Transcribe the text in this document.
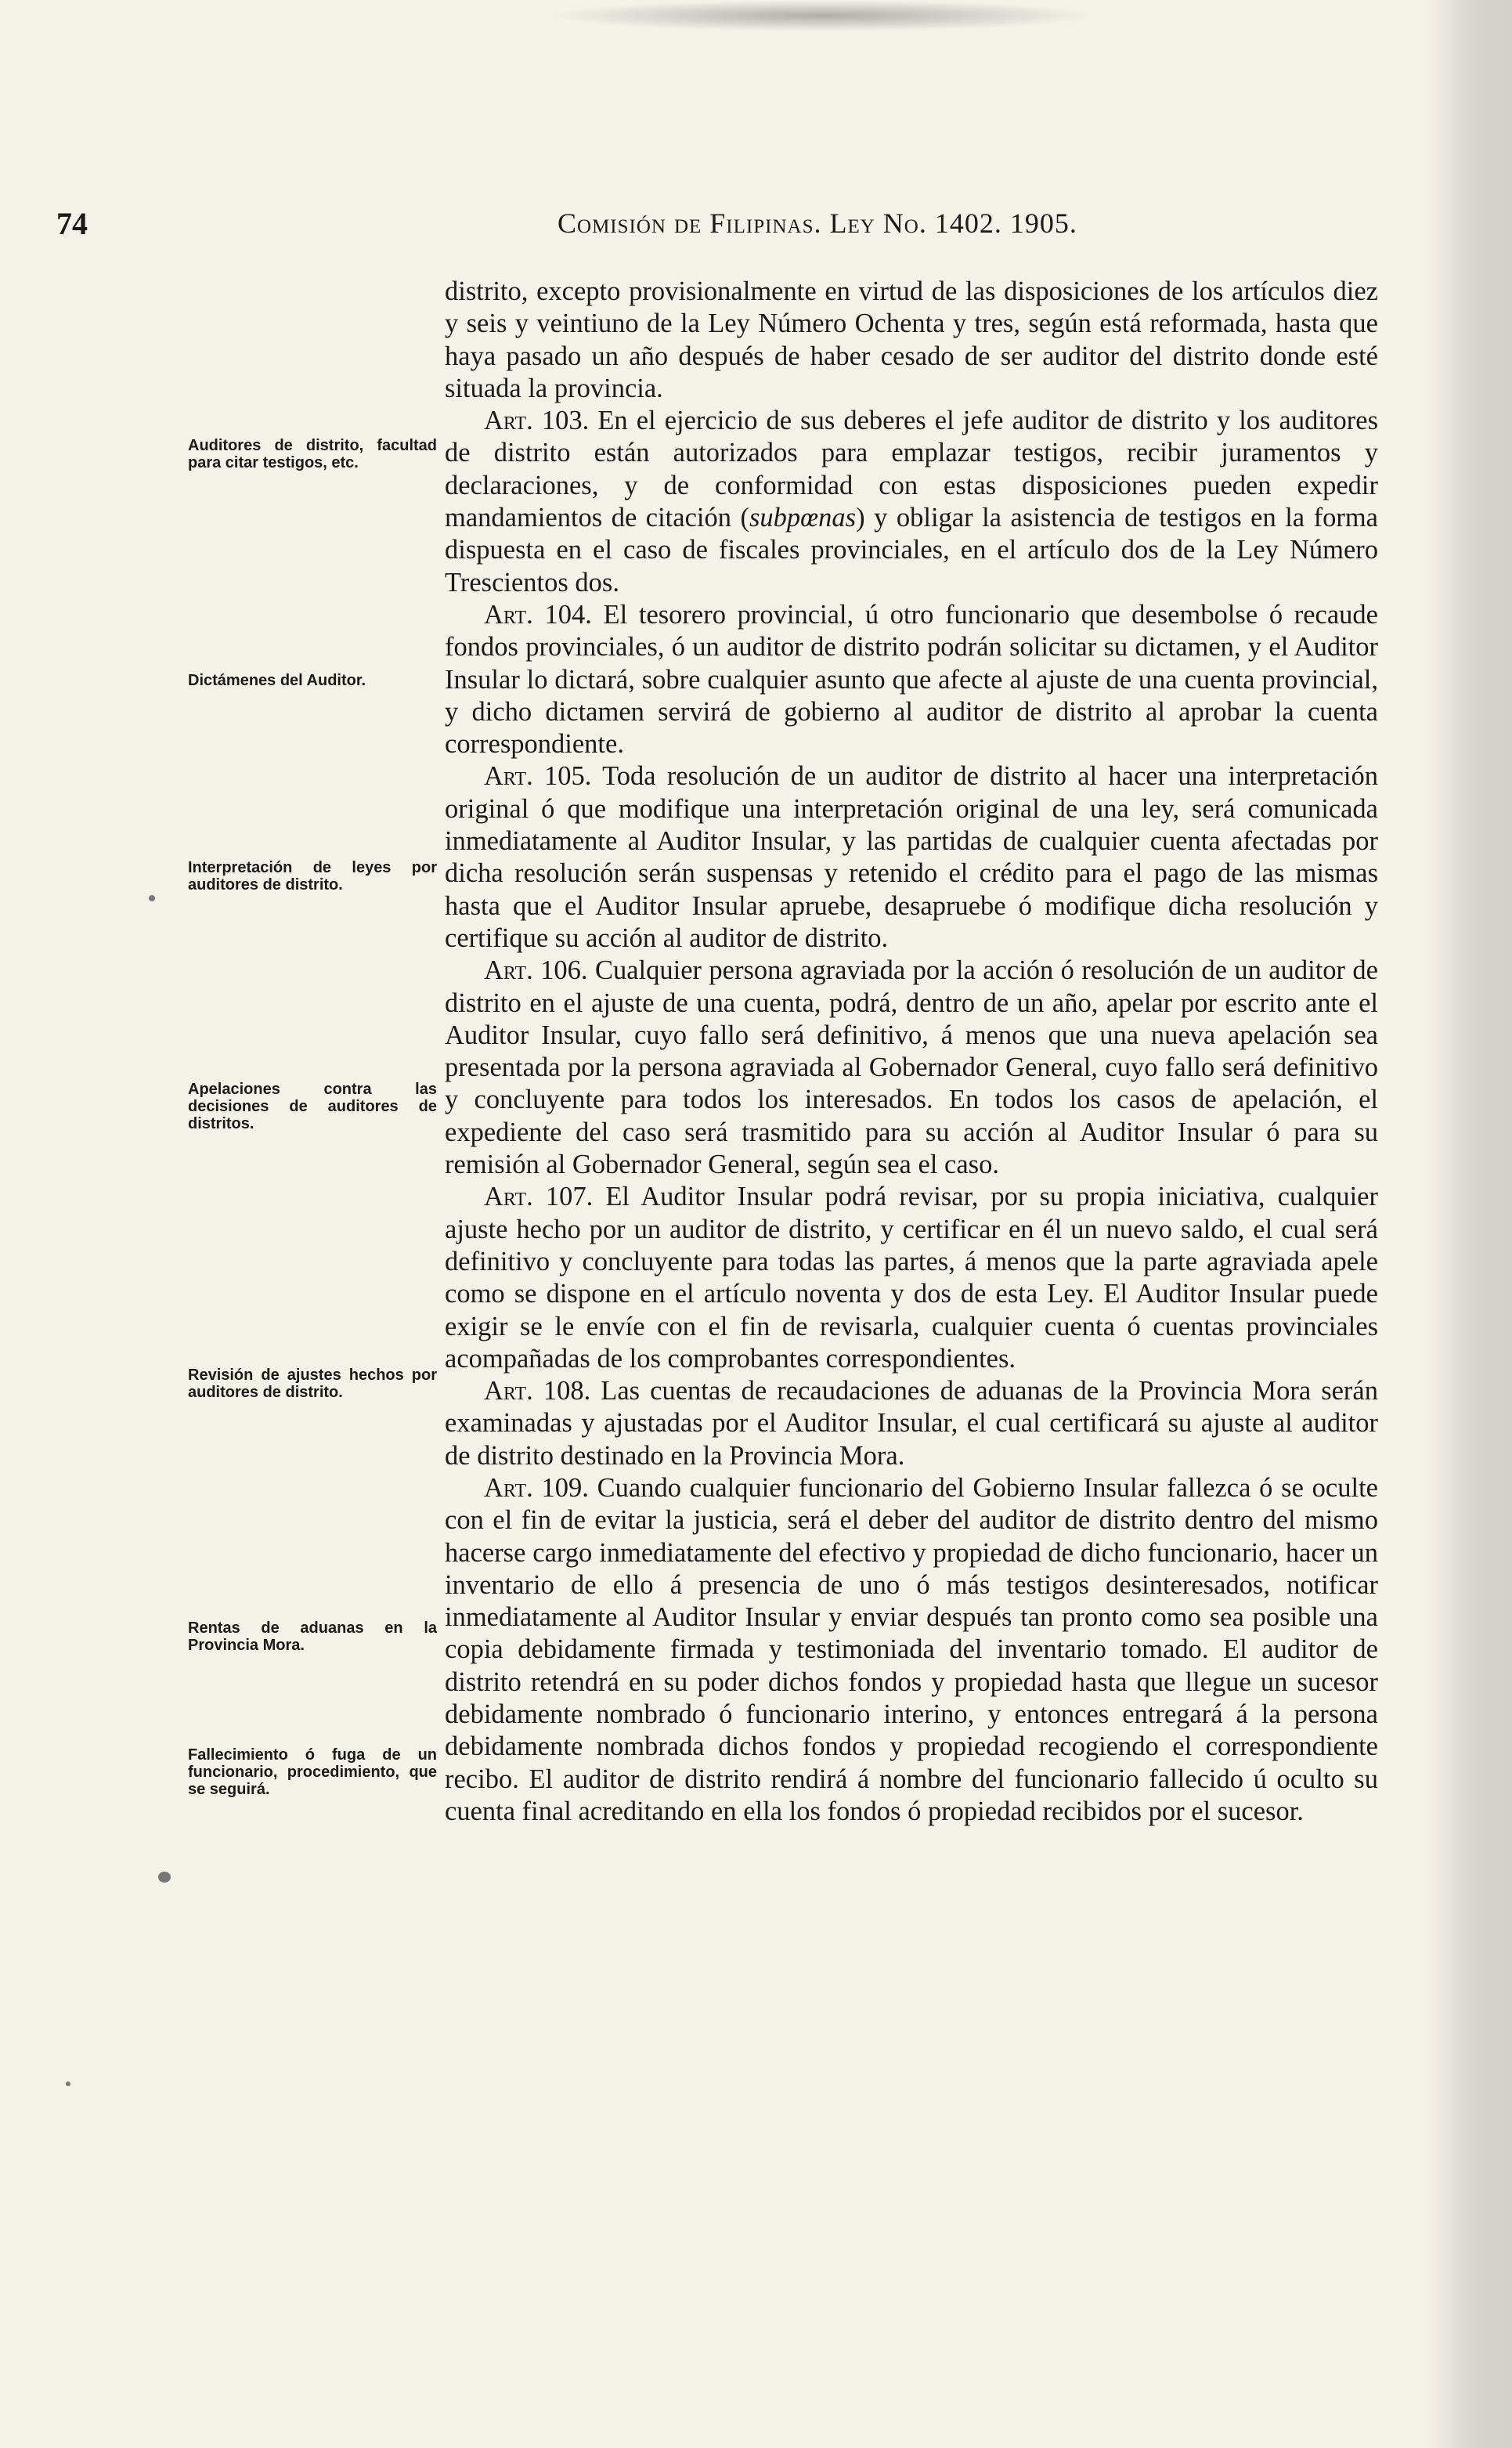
74	Comisión de Filipinas. Ley No. 1402. 1905.
Auditores de distrito, facultad para citar testigos, etc.
Dictámenes del Auditor.
Interpretación de leyes por auditores de distrito.
Apelaciones contra las decisiones de auditores de distritos.
Revisión de ajustes hechos por auditores de distrito.
Rentas de aduanas en la Provincia Mora.
Fallecimiento ó fuga de un funcionario, procedimiento, que se seguirá.

distrito, excepto provisionalmente en virtud de las disposiciones de los artículos diez y seis y veintiuno de la Ley Número Ochenta y tres, según está reformada, hasta que haya pasado un año después de haber cesado de ser auditor del distrito donde esté situada la provincia.

Art. 103. En el ejercicio de sus deberes el jefe auditor de distrito y los auditores de distrito están autorizados para emplazar testigos, recibir juramentos y declaraciones, y de conformidad con estas disposiciones pueden expedir mandamientos de citación (subpœnas) y obligar la asistencia de testigos en la forma dispuesta en el caso de fiscales provinciales, en el artículo dos de la Ley Número Trescientos dos.

Art. 104. El tesorero provincial, ú otro funcionario que desembolse ó recaude fondos provinciales, ó un auditor de distrito podrán solicitar su dictamen, y el Auditor Insular lo dictará, sobre cualquier asunto que afecte al ajuste de una cuenta provincial, y dicho dictamen servirá de gobierno al auditor de distrito al aprobar la cuenta correspondiente.

Art. 105. Toda resolución de un auditor de distrito al hacer una interpretación original ó que modifique una interpretación original de una ley, será comunicada inmediatamente al Auditor Insular, y las partidas de cualquier cuenta afectadas por dicha resolución serán suspensas y retenido el crédito para el pago de las mismas hasta que el Auditor Insular apruebe, desapruebe ó modifique dicha resolución y certifique su acción al auditor de distrito.

Art. 106. Cualquier persona agraviada por la acción ó resolución de un auditor de distrito en el ajuste de una cuenta, podrá, dentro de un año, apelar por escrito ante el Auditor Insular, cuyo fallo será definitivo, á menos que una nueva apelación sea presentada por la persona agraviada al Gobernador General, cuyo fallo será definitivo y concluyente para todos los interesados. En todos los casos de apelación, el expediente del caso será trasmitido para su acción al Auditor Insular ó para su remisión al Gobernador General, según sea el caso.

Art. 107. El Auditor Insular podrá revisar, por su propia iniciativa, cualquier ajuste hecho por un auditor de distrito, y certificar en él un nuevo saldo, el cual será definitivo y concluyente para todas las partes, á menos que la parte agraviada apele como se dispone en el artículo noventa y dos de esta Ley. El Auditor Insular puede exigir se le envíe con el fin de revisarla, cualquier cuenta ó cuentas provinciales acompañadas de los comprobantes correspondientes.

Art. 108. Las cuentas de recaudaciones de aduanas de la Provincia Mora serán examinadas y ajustadas por el Auditor Insular, el cual certificará su ajuste al auditor de distrito destinado en la Provincia Mora.

Art. 109. Cuando cualquier funcionario del Gobierno Insular fallezca ó se oculte con el fin de evitar la justicia, será el deber del auditor de distrito dentro del mismo hacerse cargo inmediatamente del efectivo y propiedad de dicho funcionario, hacer un inventario de ello á presencia de uno ó más testigos desinteresados, notificar inmediatamente al Auditor Insular y enviar después tan pronto como sea posible una copia debidamente firmada y testimoniada del inventario tomado. El auditor de distrito retendrá en su poder dichos fondos y propiedad hasta que llegue un sucesor debidamente nombrado ó funcionario interino, y entonces entregará á la persona debidamente nombrada dichos fondos y propiedad recogiendo el correspondiente recibo. El auditor de distrito rendirá á nombre del funcionario fallecido ú oculto su cuenta final acreditando en ella los fondos ó propiedad recibidos por el sucesor.
